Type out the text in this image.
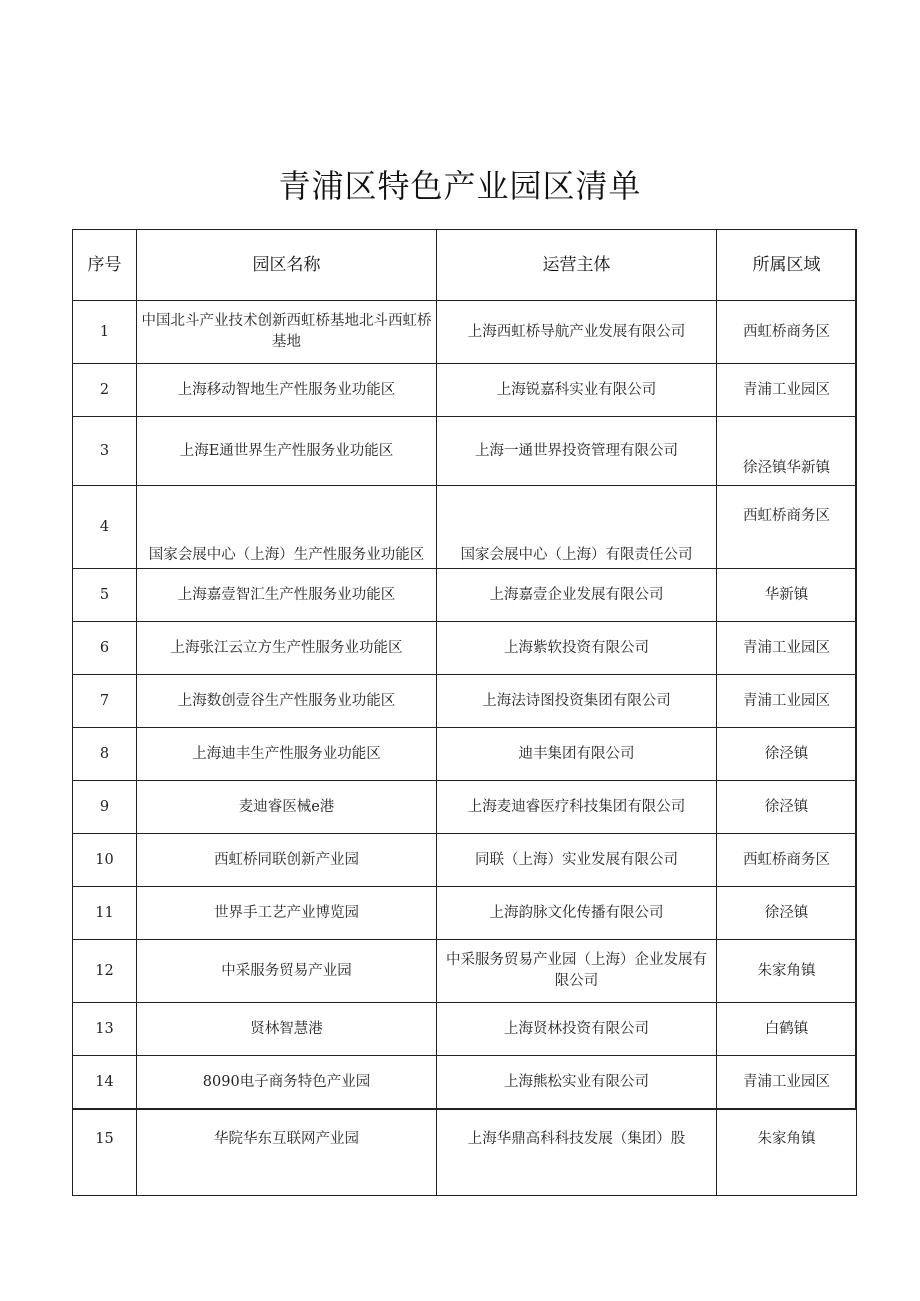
青浦区特色产业园区清单
序号	园区名称	运营主体	所属区域
1	中国北斗产业技术创新西虹桥基地北斗西虹桥基地	上海西虹桥导航产业发展有限公司	西虹桥商务区
2	上海移动智地生产性服务业功能区	上海锐嘉科实业有限公司	青浦工业园区
3	上海E通世界生产性服务业功能区	上海一通世界投资管理有限公司	徐泾镇华新镇
4	国家会展中心（上海）生产性服务业功能区	国家会展中心（上海）有限责任公司	西虹桥商务区
5	上海嘉壹智汇生产性服务业功能区	上海嘉壹企业发展有限公司	华新镇
6	上海张江云立方生产性服务业功能区	上海紫软投资有限公司	青浦工业园区
7	上海数创壹谷生产性服务业功能区	上海法诗图投资集团有限公司	青浦工业园区
8	上海迪丰生产性服务业功能区	迪丰集团有限公司	徐泾镇
9	麦迪睿医械e港	上海麦迪睿医疗科技集团有限公司	徐泾镇
10	西虹桥同联创新产业园	同联（上海）实业发展有限公司	西虹桥商务区
11	世界手工艺产业博览园	上海韵脉文化传播有限公司	徐泾镇
12	中采服务贸易产业园	中采服务贸易产业园（上海）企业发展有限公司	朱家角镇
13	贤林智慧港	上海贤林投资有限公司	白鹤镇
14	8090电子商务特色产业园	上海熊松实业有限公司	青浦工业园区
15	华院华东互联网产业园	上海华鼎高科科技发展（集团）股	朱家角镇
